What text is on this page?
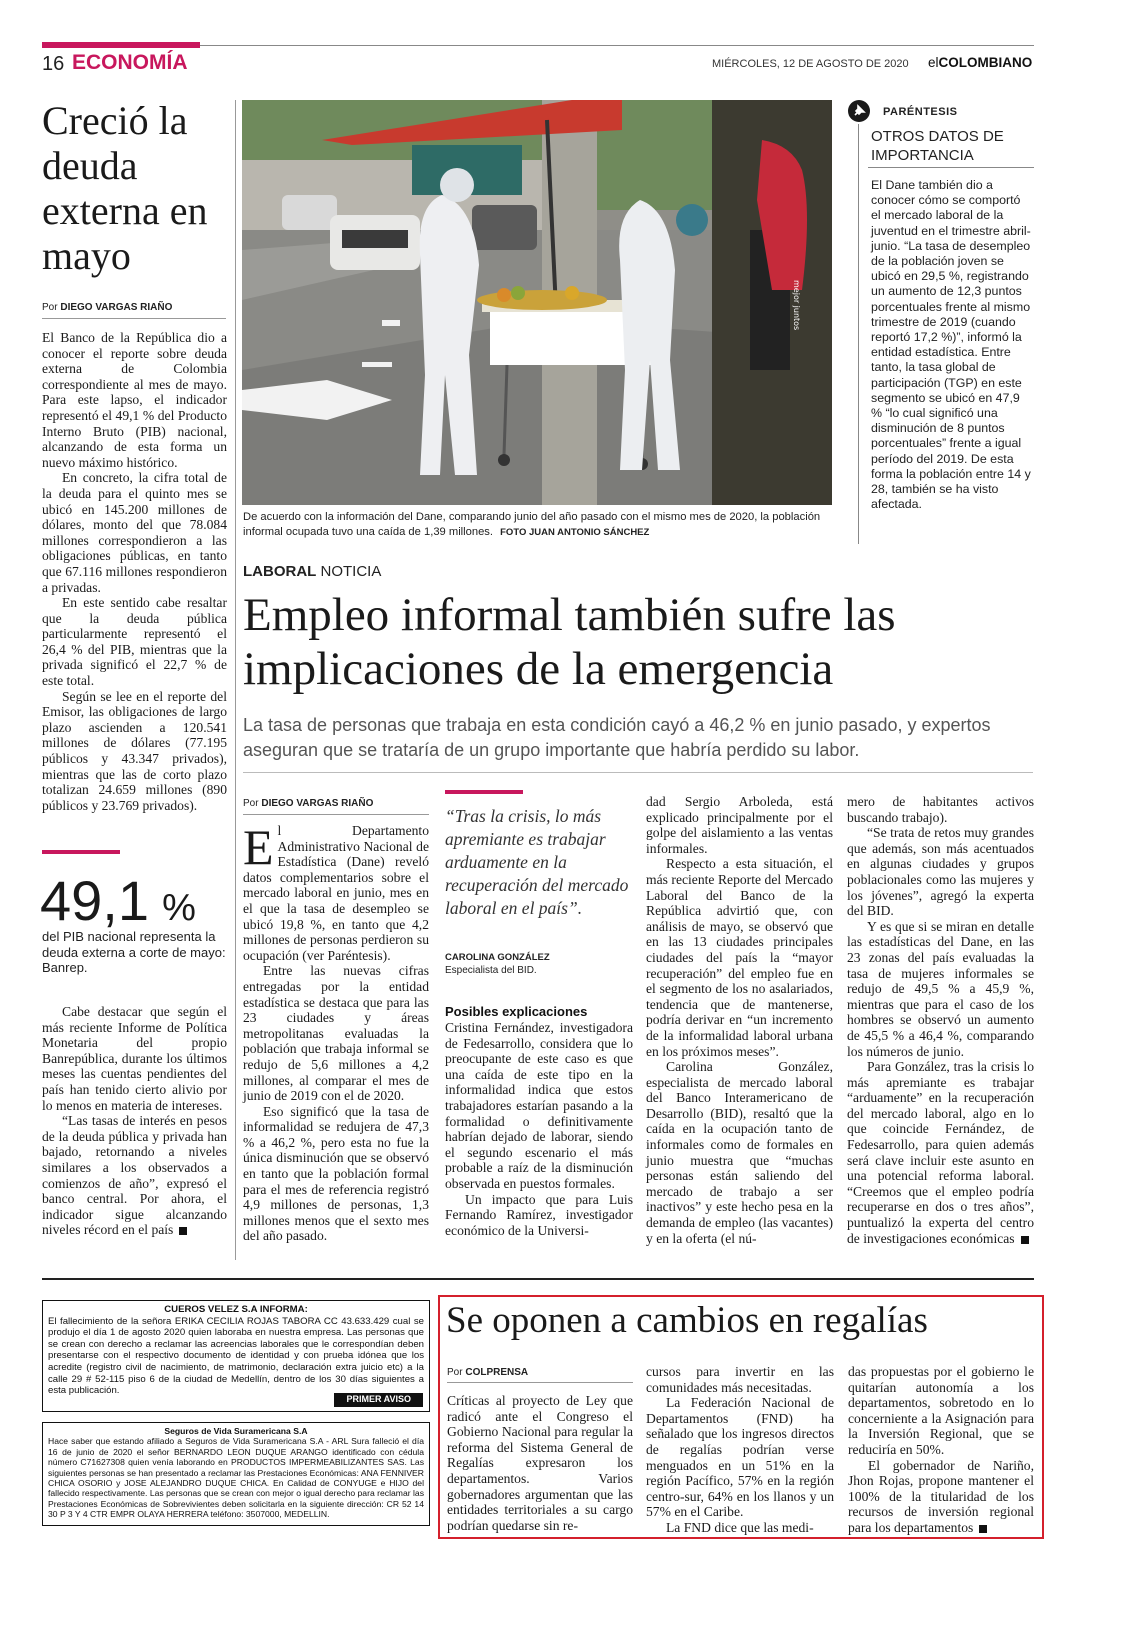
16 ECONOMÍA	MIÉRCOLES, 12 DE AGOSTO DE 2020 elCOLOMBIANO
Creció la deuda externa en mayo
Por DIEGO VARGAS RIAÑO

El Banco de la República dio a conocer el reporte sobre deuda externa de Colombia correspondiente al mes de mayo. Para este lapso, el indicador representó el 49,1 % del Producto Interno Bruto (PIB) nacional, alcanzando de esta forma un nuevo máximo histórico.

En concreto, la cifra total de la deuda para el quinto mes se ubicó en 145.200 millones de dólares, monto del que 78.084 millones correspondieron a las obligaciones públicas, en tanto que 67.116 millones respondieron a privadas.

En este sentido cabe resaltar que la deuda pública particularmente representó el 26,4 % del PIB, mientras que la privada significó el 22,7 % de este total.

Según se lee en el reporte del Emisor, las obligaciones de largo plazo ascienden a 120.541 millones de dólares (77.195 públicos y 43.347 privados), mientras que las de corto plazo totalizan 24.659 millones (890 públicos y 23.769 privados).

49,1 %
del PIB nacional representa la deuda externa a corte de mayo: Banrep.

Cabe destacar que según el más reciente Informe de Política Monetaria del propio Banrepública, durante los últimos meses las cuentas pendientes del país han tenido cierto alivio por lo menos en materia de intereses.

“Las tasas de interés en pesos de la deuda pública y privada han bajado, retornando a niveles similares a los observados a comienzos de año”, expresó el banco central. Por ahora, el indicador sigue alcanzando niveles récord en el país

mejor juntos
De acuerdo con la información del Dane, comparando junio del año pasado con el mismo mes de 2020, la población informal ocupada tuvo una caída de 1,39 millones. FOTO JUAN ANTONIO SÁNCHEZ
PARÉNTESIS
OTROS DATOS DE IMPORTANCIA
El Dane también dio a conocer cómo se comportó el mercado laboral de la juventud en el trimestre abril-junio. “La tasa de desempleo de la población joven se ubicó en 29,5 %, registrando un aumento de 12,3 puntos porcentuales frente al mismo trimestre de 2019 (cuando reportó 17,2 %)”, informó la entidad estadística. Entre tanto, la tasa global de participación (TGP) en este segmento se ubicó en 47,9 % “lo cual significó una disminución de 8 puntos porcentuales” frente a igual período del 2019. De esta forma la población entre 14 y 28, también se ha visto afectada.
LABORAL NOTICIA
Empleo informal también sufre las implicaciones de la emergencia
La tasa de personas que trabaja en esta condición cayó a 46,2 % en junio pasado, y expertos aseguran que se trataría de un grupo importante que habría perdido su labor.
Por DIEGO VARGAS RIAÑO

El Departamento Administrativo Nacional de Estadística (Dane) reveló datos complementarios sobre el mercado laboral en junio, mes en el que la tasa de desempleo se ubicó 19,8 %, en tanto que 4,2 millones de personas perdieron su ocupación (ver Paréntesis).

Entre las nuevas cifras entregadas por la entidad estadística se destaca que para las 23 ciudades y áreas metropolitanas evaluadas la población que trabaja informal se redujo de 5,6 millones a 4,2 millones, al comparar el mes de junio de 2019 con el de 2020.

Eso significó que la tasa de informalidad se redujera de 47,3 % a 46,2 %, pero esta no fue la única disminución que se observó en tanto que la población formal para el mes de referencia registró 4,9 millones de personas, 1,3 millones menos que el sexto mes del año pasado.

“Tras la crisis, lo más apremiante es trabajar arduamente en la recuperación del mercado laboral en el país”.
CAROLINA GONZÁLEZ
Especialista del BID.
Posibles explicaciones

Cristina Fernández, investigadora de Fedesarrollo, considera que lo preocupante de este caso es que una caída de este tipo en la informalidad indica que estos trabajadores estarían pasando a la formalidad o definitivamente habrían dejado de laborar, siendo el segundo escenario el más probable a raíz de la disminución observada en puestos formales.

Un impacto que para Luis Fernando Ramírez, investigador económico de la Universi-

dad Sergio Arboleda, está explicado principalmente por el golpe del aislamiento a las ventas informales.

Respecto a esta situación, el más reciente Reporte del Mercado Laboral del Banco de la República advirtió que, con análisis de mayo, se observó que en las 13 ciudades principales ciudades del país la “mayor recuperación” del empleo fue en el segmento de los no asalariados, tendencia que de mantenerse, podría derivar en “un incremento de la informalidad laboral urbana en los próximos meses”.

Carolina González, especialista de mercado laboral del Banco Interamericano de Desarrollo (BID), resaltó que la caída en la ocupación tanto de informales como de formales en junio muestra que “muchas personas están saliendo del mercado de trabajo a ser inactivos” y este hecho pesa en la demanda de empleo (las vacantes) y en la oferta (el nú-

mero de habitantes activos buscando trabajo).

“Se trata de retos muy grandes que además, son más acentuados en algunas ciudades y grupos poblacionales como las mujeres y los jóvenes”, agregó la experta del BID.

Y es que si se miran en detalle las estadísticas del Dane, en las 23 zonas del país evaluadas la tasa de mujeres informales se redujo de 49,5 % a 45,9 %, mientras que para el caso de los hombres se observó un aumento de 45,5 % a 46,4 %, comparando los números de junio.

Para González, tras la crisis lo más apremiante es trabajar “arduamente” en la recuperación del mercado laboral, algo en lo que coincide Fernández, de Fedesarrollo, para quien además será clave incluir este asunto en una potencial reforma laboral. “Creemos que el empleo podría recuperarse en dos o tres años”, puntualizó la experta del centro de investigaciones económicas

CUEROS VELEZ S.A INFORMA:
El fallecimiento de la señora ERIKA CECILIA ROJAS TABORA CC 43.633.429 cual se produjo el día 1 de agosto 2020 quien laboraba en nuestra empresa. Las personas que se crean con derecho a reclamar las acreencias laborales que le correspondían deben presentarse con el respectivo documento de identidad y con prueba idónea que los acredite (registro civil de nacimiento, de matrimonio, declaración extra juicio etc) a la calle 29 # 52-115 piso 6 de la ciudad de Medellín, dentro de los 30 días siguientes a esta publicación.
PRIMER AVISO
Seguros de Vida Suramericana S.A
Hace saber que estando afiliado a Seguros de Vida Suramericana S.A - ARL Sura falleció el día 16 de junio de 2020 el señor BERNARDO LEON DUQUE ARANGO identificado con cédula número C71627308 quien venía laborando en PRODUCTOS IMPERMEABILIZANTES SAS. Las siguientes personas se han presentado a reclamar las Prestaciones Económicas: ANA FENNIVER CHICA OSORIO y JOSE ALEJANDRO DUQUE CHICA. En Calidad de CONYUGE e HIJO del fallecido respectivamente. Las personas que se crean con mejor o igual derecho para reclamar las Prestaciones Económicas de Sobrevivientes deben solicitarla en la siguiente dirección: CR 52 14 30 P 3 Y 4 CTR EMPR OLAYA HERRERA teléfono: 3507000, MEDELLIN.
Se oponen a cambios en regalías
Por COLPRENSA

Críticas al proyecto de Ley que radicó ante el Congreso el Gobierno Nacional para regular la reforma del Sistema General de Regalías expresaron los departamentos. Varios gobernadores argumentan que las entidades territoriales a su cargo podrían quedarse sin re-

cursos para invertir en las comunidades más necesitadas.

La Federación Nacional de Departamentos (FND) ha señalado que los ingresos directos de regalías podrían verse menguados en un 51% en la región Pacífico, 57% en la región centro-sur, 64% en los llanos y un 57% en el Caribe.

La FND dice que las medi-

das propuestas por el gobierno le quitarían autonomía a los departamentos, sobretodo en lo concerniente a la Asignación para la Inversión Regional, que se reduciría en 50%.

El gobernador de Nariño, Jhon Rojas, propone mantener el 100% de la titularidad de los recursos de inversión regional para los departamentos
